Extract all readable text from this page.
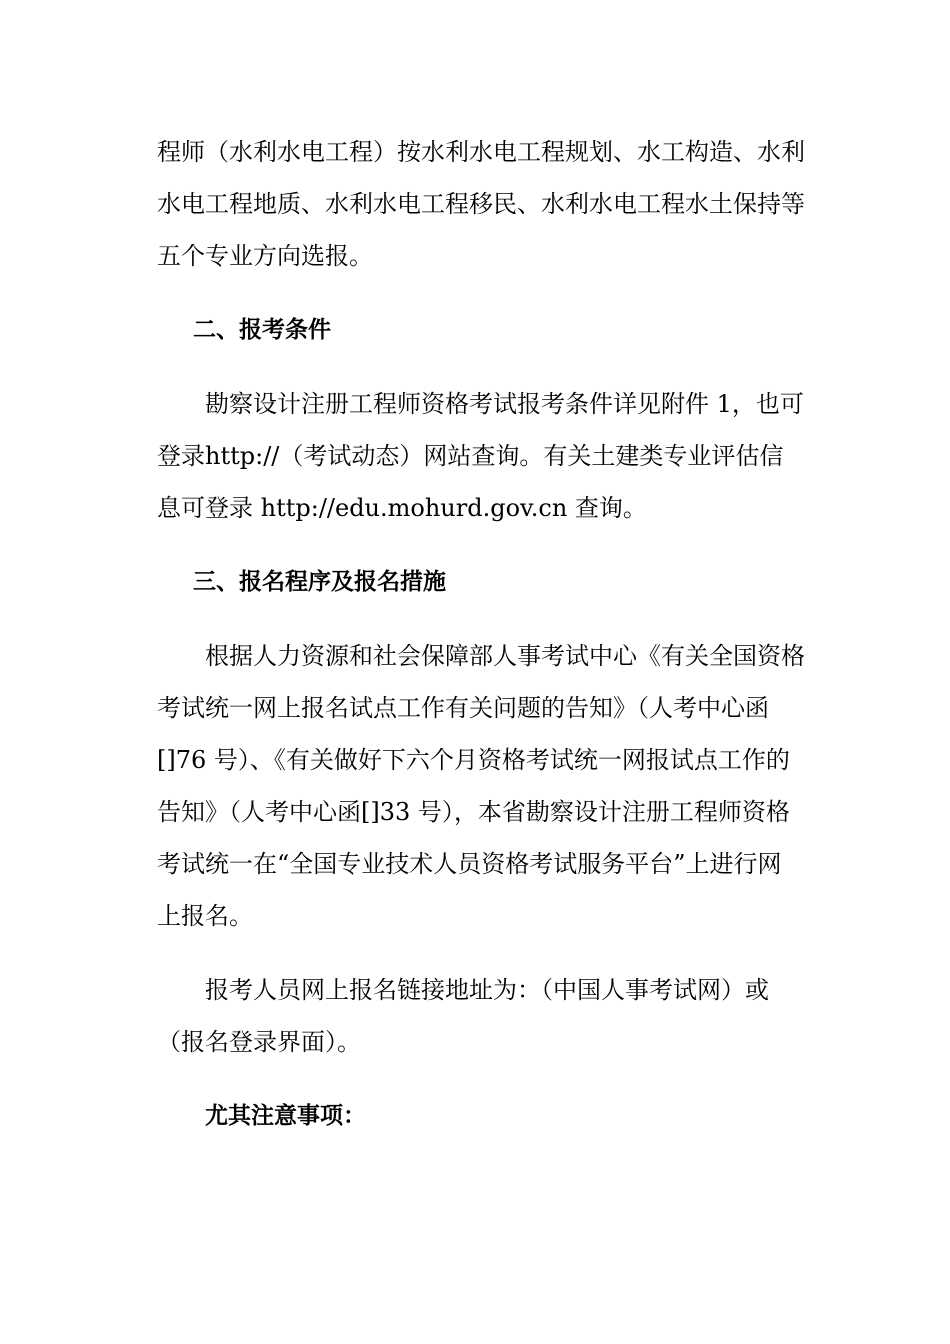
程师（水利水电工程）按水利水电工程规划、水工构造、水利
水电工程地质、水利水电工程移民、水利水电工程水土保持等
五个专业方向选报。

二、报考条件

勘察设计注册工程师资格考试报考条件详见附件 1，也可
登录http://（考试动态）网站查询。有关土建类专业评估信
息可登录 http://edu.mohurd.gov.cn 查询。

三、报名程序及报名措施

根据人力资源和社会保障部人事考试中心《有关全国资格
考试统一网上报名试点工作有关问题的告知》（人考中心函
[]76 号）、《有关做好下六个月资格考试统一网报试点工作的
告知》（人考中心函[]33 号），本省勘察设计注册工程师资格
考试统一在“全国专业技术人员资格考试服务平台”上进行网
上报名。

报考人员网上报名链接地址为：（中国人事考试网）或
（报名登录界面）。

尤其注意事项：
